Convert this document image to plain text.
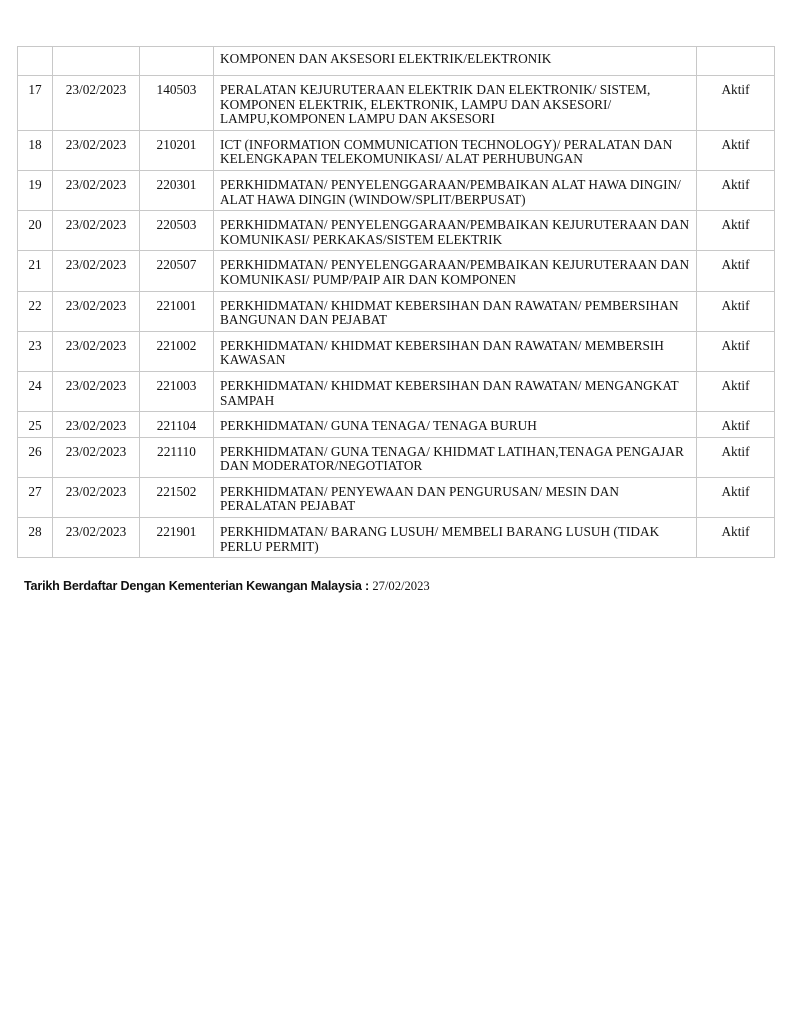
			KOMPONEN DAN AKSESORI ELEKTRIK/ELEKTRONIK	
17	23/02/2023	140503	PERALATAN KEJURUTERAAN ELEKTRIK DAN ELEKTRONIK/ SISTEM, KOMPONEN ELEKTRIK, ELEKTRONIK, LAMPU DAN AKSESORI/ LAMPU,KOMPONEN LAMPU DAN AKSESORI	Aktif
18	23/02/2023	210201	ICT (INFORMATION COMMUNICATION TECHNOLOGY)/ PERALATAN DAN KELENGKAPAN TELEKOMUNIKASI/ ALAT PERHUBUNGAN	Aktif
19	23/02/2023	220301	PERKHIDMATAN/ PENYELENGGARAAN/PEMBAIKAN ALAT HAWA DINGIN/ ALAT HAWA DINGIN (WINDOW/SPLIT/BERPUSAT)	Aktif
20	23/02/2023	220503	PERKHIDMATAN/ PENYELENGGARAAN/PEMBAIKAN KEJURUTERAAN DAN KOMUNIKASI/ PERKAKAS/SISTEM ELEKTRIK	Aktif
21	23/02/2023	220507	PERKHIDMATAN/ PENYELENGGARAAN/PEMBAIKAN KEJURUTERAAN DAN KOMUNIKASI/ PUMP/PAIP AIR DAN KOMPONEN	Aktif
22	23/02/2023	221001	PERKHIDMATAN/ KHIDMAT KEBERSIHAN DAN RAWATAN/ PEMBERSIHAN BANGUNAN DAN PEJABAT	Aktif
23	23/02/2023	221002	PERKHIDMATAN/ KHIDMAT KEBERSIHAN DAN RAWATAN/ MEMBERSIH KAWASAN	Aktif
24	23/02/2023	221003	PERKHIDMATAN/ KHIDMAT KEBERSIHAN DAN RAWATAN/ MENGANGKAT SAMPAH	Aktif
25	23/02/2023	221104	PERKHIDMATAN/ GUNA TENAGA/ TENAGA BURUH	Aktif
26	23/02/2023	221110	PERKHIDMATAN/ GUNA TENAGA/ KHIDMAT LATIHAN,TENAGA PENGAJAR DAN MODERATOR/NEGOTIATOR	Aktif
27	23/02/2023	221502	PERKHIDMATAN/ PENYEWAAN DAN PENGURUSAN/ MESIN DAN PERALATAN PEJABAT	Aktif
28	23/02/2023	221901	PERKHIDMATAN/ BARANG LUSUH/ MEMBELI BARANG LUSUH (TIDAK PERLU PERMIT)	Aktif
Tarikh Berdaftar Dengan Kementerian Kewangan Malaysia : 27/02/2023
